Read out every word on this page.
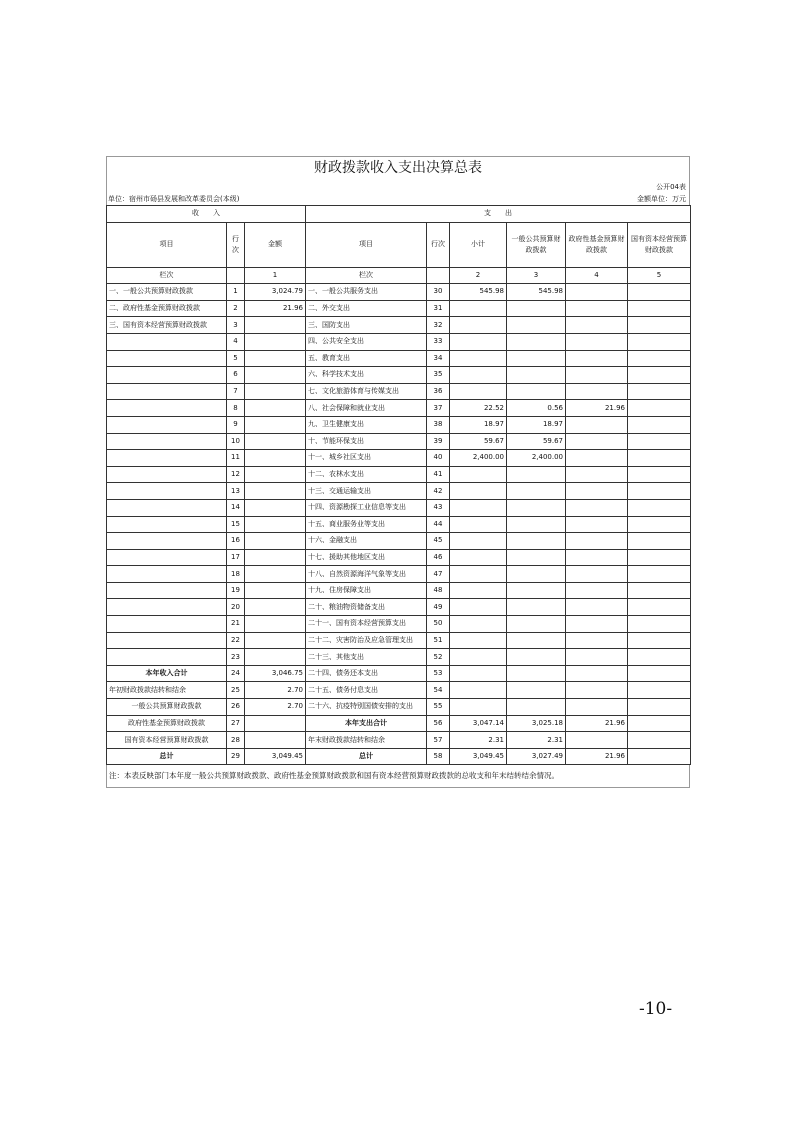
财政拨款收入支出决算总表
公开04表
单位：宿州市砀县发展和改革委员会(本级)	金额单位：万元
收　　入			支　　出					
项目	行次	金额	项目	行次	小计	一般公共预算财政拨款	政府性基金预算财政拨款	国有资本经营预算财政拨款
栏次		1	栏次		2	3	4	5
一、一般公共预算财政拨款	1	3,024.79	一、一般公共服务支出	30	545.98	545.98		
二、政府性基金预算财政拨款	2	21.96	二、外交支出	31				
三、国有资本经营预算财政拨款	3		三、国防支出	32				
	4		四、公共安全支出	33				
	5		五、教育支出	34				
	6		六、科学技术支出	35				
	7		七、文化旅游体育与传媒支出	36				
	8		八、社会保障和就业支出	37	22.52	0.56	21.96	
	9		九、卫生健康支出	38	18.97	18.97		
	10		十、节能环保支出	39	59.67	59.67		
	11		十一、城乡社区支出	40	2,400.00	2,400.00		
	12		十二、农林水支出	41				
	13		十三、交通运输支出	42				
	14		十四、资源勘探工业信息等支出	43				
	15		十五、商业服务业等支出	44				
	16		十六、金融支出	45				
	17		十七、援助其他地区支出	46				
	18		十八、自然资源海洋气象等支出	47				
	19		十九、住房保障支出	48				
	20		二十、粮油物资储备支出	49				
	21		二十一、国有资本经营预算支出	50				
	22		二十二、灾害防治及应急管理支出	51				
	23		二十三、其他支出	52				
本年收入合计	24	3,046.75	二十四、债务还本支出	53				
年初财政拨款结转和结余	25	2.70	二十五、债务付息支出	54				
一般公共预算财政拨款	26	2.70	二十六、抗疫特别国债安排的支出	55				
政府性基金预算财政拨款	27		本年支出合计	56	3,047.14	3,025.18	21.96	
国有资本经营预算财政拨款	28		年末财政拨款结转和结余	57	2.31	2.31		
总计	29	3,049.45	总计	58	3,049.45	3,027.49	21.96	
注：本表反映部门本年度一般公共预算财政拨款、政府性基金预算财政拨款和国有资本经营预算财政拨款的总收支和年末结转结余情况。
-10-
